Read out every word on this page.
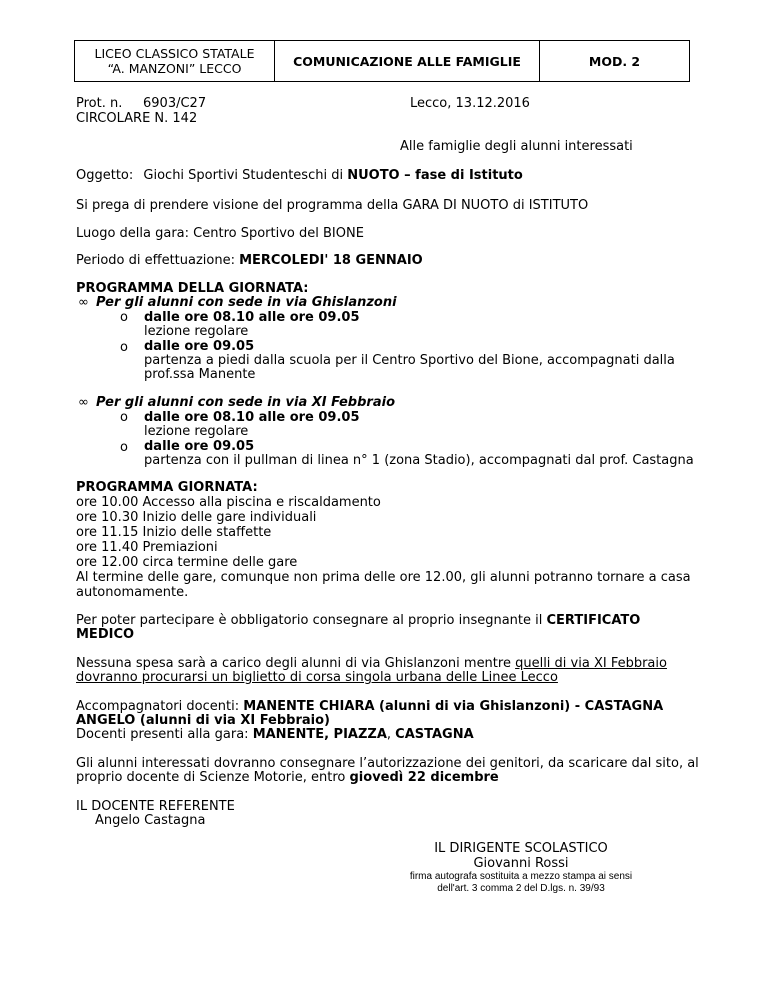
LICEO CLASSICO STATALE
“A. MANZONI” LECCO	COMUNICAZIONE ALLE FAMIGLIE	MOD. 2
Prot. n.     6903/C27
CIRCOLARE N. 142
Lecco, 13.12.2016
Alle famiglie degli alunni interessati
Oggetto: Giochi Sportivi Studenteschi di NUOTO – fase di Istituto
Si prega di prendere visione del programma della GARA DI NUOTO di ISTITUTO
Luogo della gara: Centro Sportivo del BIONE
Periodo di effettuazione: MERCOLEDI' 18 GENNAIO
PROGRAMMA DELLA GIORNATA:
∞ Per gli alunni con sede in via Ghislanzoni
o dalle ore 08.10 alle ore 09.05
lezione regolare
o dalle ore 09.05
partenza a piedi dalla scuola per il Centro Sportivo del Bione, accompagnati dalla
prof.ssa Manente
∞ Per gli alunni con sede in via XI Febbraio
o dalle ore 08.10 alle ore 09.05
lezione regolare
o dalle ore 09.05
partenza con il pullman di linea n° 1 (zona Stadio), accompagnati dal prof. Castagna
PROGRAMMA GIORNATA:
ore 10.00 Accesso alla piscina e riscaldamento
ore 10.30 Inizio delle gare individuali
ore 11.15 Inizio delle staffette
ore 11.40 Premiazioni
ore 12.00 circa termine delle gare
Al termine delle gare, comunque non prima delle ore 12.00, gli alunni potranno tornare a casa
autonomamente.
Per poter partecipare è obbligatorio consegnare al proprio insegnante il CERTIFICATO
MEDICO
Nessuna spesa sarà a carico degli alunni di via Ghislanzoni mentre quelli di via XI Febbraio
dovranno procurarsi un biglietto di corsa singola urbana delle Linee Lecco
Accompagnatori docenti: MANENTE CHIARA (alunni di via Ghislanzoni) - CASTAGNA
ANGELO (alunni di via XI Febbraio)
Docenti presenti alla gara: MANENTE, PIAZZA, CASTAGNA
Gli alunni interessati dovranno consegnare l’autorizzazione dei genitori, da scaricare dal sito, al
proprio docente di Scienze Motorie, entro giovedì 22 dicembre
IL DOCENTE REFERENTE
Angelo Castagna
IL DIRIGENTE SCOLASTICO
Giovanni Rossi
firma autografa sostituita a mezzo stampa ai sensi
dell'art. 3 comma 2 del D.lgs. n. 39/93
